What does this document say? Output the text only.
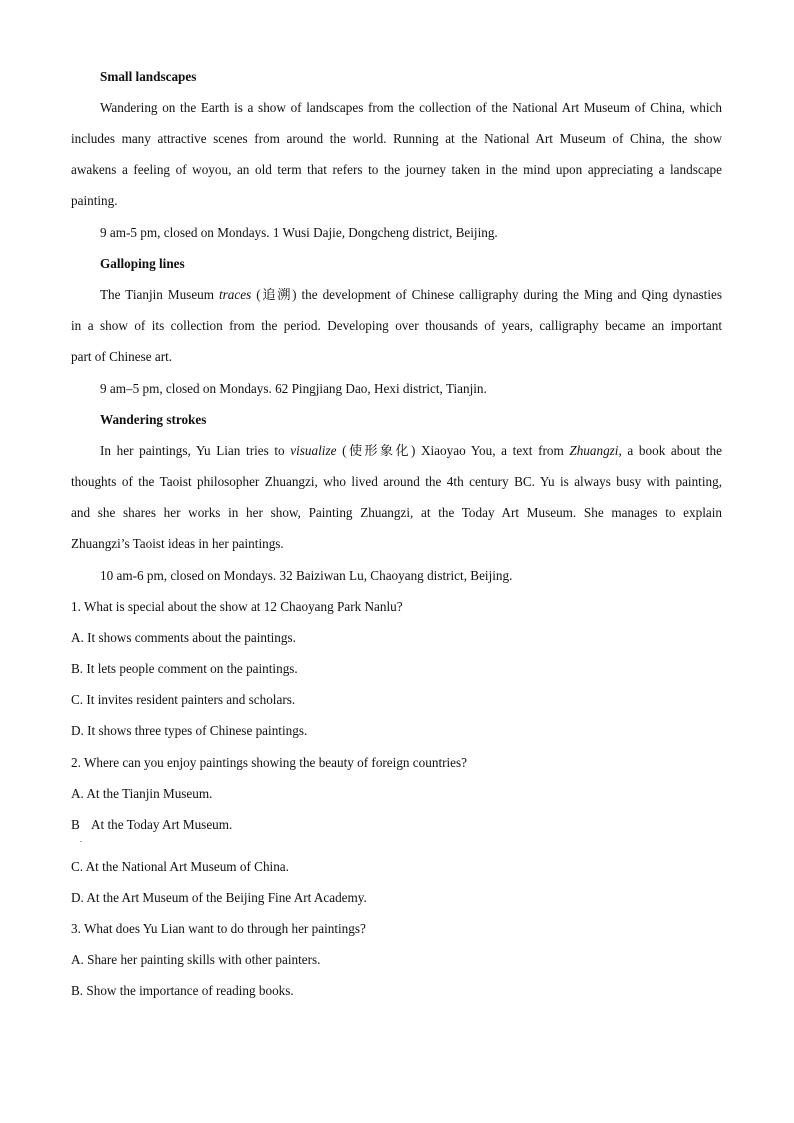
Small landscapes
Wandering on the Earth is a show of landscapes from the collection of the National Art Museum of China, which
includes many attractive scenes from around the world. Running at the National Art Museum of China, the show
awakens a feeling of woyou, an old term that refers to the journey taken in the mind upon appreciating a landscape
painting.
9 am-5 pm, closed on Mondays. 1 Wusi Dajie, Dongcheng district, Beijing.
Galloping lines
The Tianjin Museum traces (追溯) the development of Chinese calligraphy during the Ming and Qing dynasties
in a show of its collection from the period. Developing over thousands of years, calligraphy became an important
part of Chinese art.
9 am–5 pm, closed on Mondays. 62 Pingjiang Dao, Hexi district, Tianjin.
Wandering strokes
In her paintings, Yu Lian tries to visualize (使形象化) Xiaoyao You, a text from Zhuangzi, a book about the
thoughts of the Taoist philosopher Zhuangzi, who lived around the 4th century BC. Yu is always busy with painting,
and she shares her works in her show, Painting Zhuangzi, at the Today Art Museum. She manages to explain
Zhuangzi’s Taoist ideas in her paintings.
10 am-6 pm, closed on Mondays. 32 Baiziwan Lu, Chaoyang district, Beijing.
1. What is special about the show at 12 Chaoyang Park Nanlu?
A. It shows comments about the paintings.
B. It lets people comment on the paintings.
C. It invites resident painters and scholars.
D. It shows three types of Chinese paintings.
2. Where can you enjoy paintings showing the beauty of foreign countries?
A. At the Tianjin Museum.
B At the Today Art Museum.
.
C. At the National Art Museum of China.
D. At the Art Museum of the Beijing Fine Art Academy.
3. What does Yu Lian want to do through her paintings?
A. Share her painting skills with other painters.
B. Show the importance of reading books.
